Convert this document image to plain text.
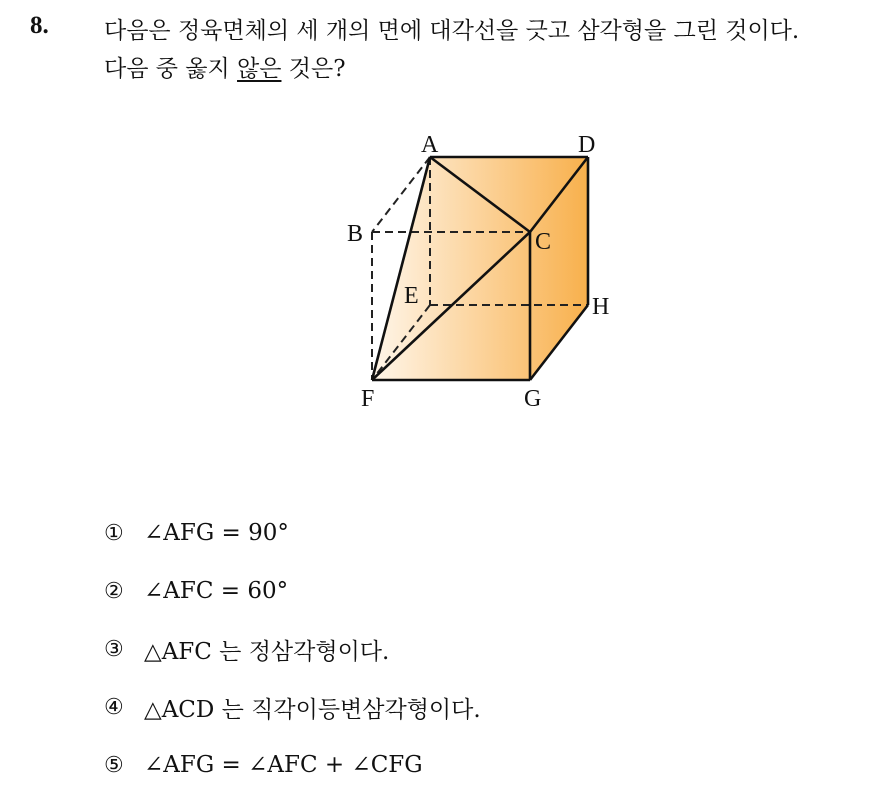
8. 다음은 정육면체의 세 개의 면에 대각선을 긋고 삼각형을 그린 것이다.
다음 중 옳지 않은 것은?
A	D
B	C
E	H
F	G
① ∠AFG = 90°
② ∠AFC = 60°
③ △AFC 는 정삼각형이다.
④ △ACD 는 직각이등변삼각형이다.
⑤ ∠AFG = ∠AFC + ∠CFG
